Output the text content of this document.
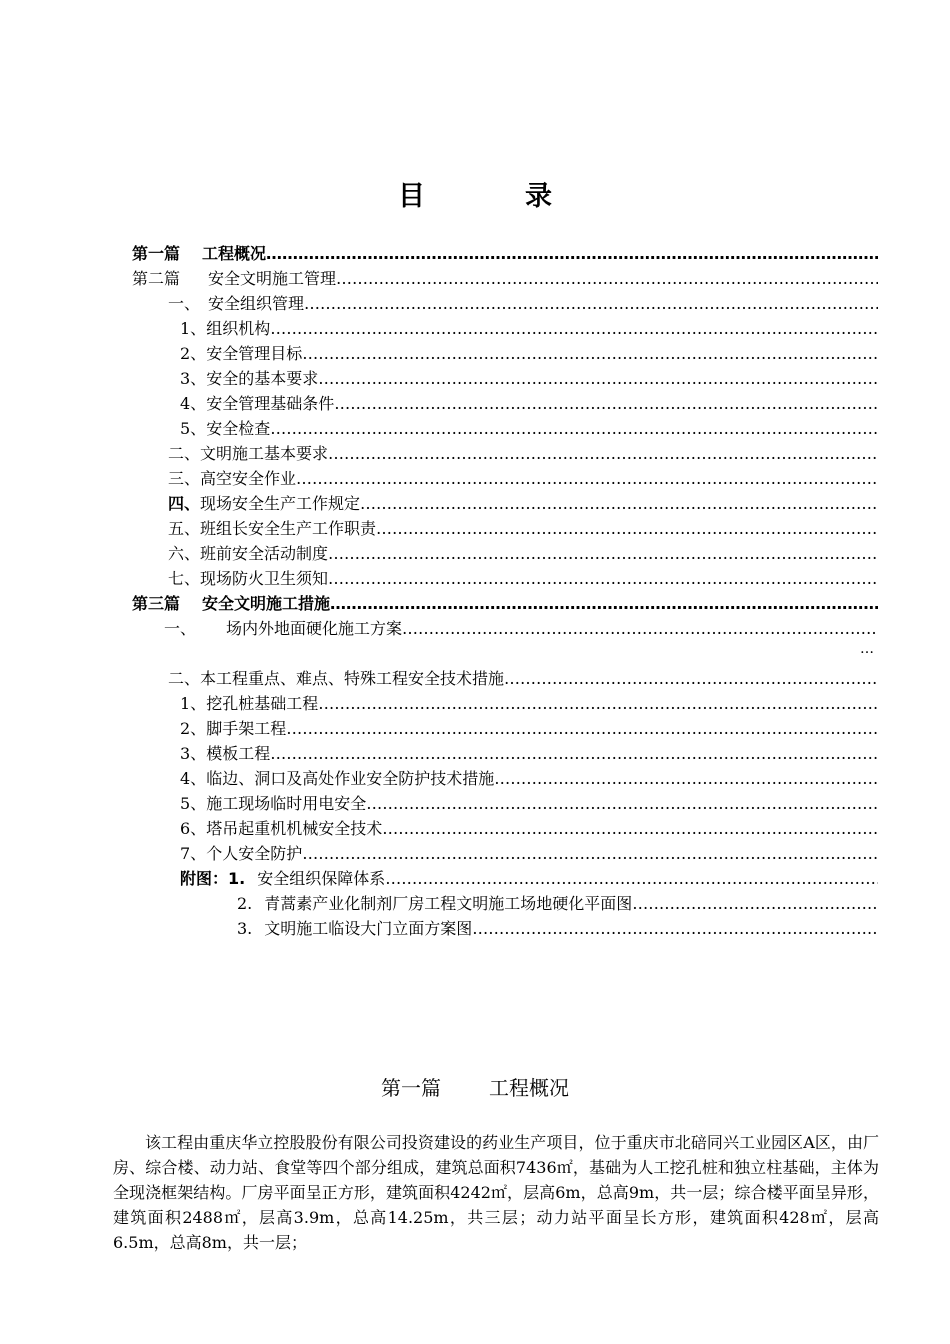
目	录
第一篇 工程概况
…………………………………………………………………………………………………………………………………………………………………………………………………
第二篇 安全文明施工管理
…………………………………………………………………………………………………………………………………………………………………………………………………
一、 安全组织管理
…………………………………………………………………………………………………………………………………………………………………………………………………
1、 组织机构
…………………………………………………………………………………………………………………………………………………………………………………………………
2、 安全管理目标
…………………………………………………………………………………………………………………………………………………………………………………………………
3、 安全的基本要求
…………………………………………………………………………………………………………………………………………………………………………………………………
4、 安全管理基础条件
…………………………………………………………………………………………………………………………………………………………………………………………………
5、 安全检查
…………………………………………………………………………………………………………………………………………………………………………………………………
二、 文明施工基本要求
…………………………………………………………………………………………………………………………………………………………………………………………………
三、 高空安全作业
…………………………………………………………………………………………………………………………………………………………………………………………………
四、 现场安全生产工作规定
…………………………………………………………………………………………………………………………………………………………………………………………………
五、 班组长安全生产工作职责
…………………………………………………………………………………………………………………………………………………………………………………………………
六、 班前安全活动制度
…………………………………………………………………………………………………………………………………………………………………………………………………
七、 现场防火卫生须知
…………………………………………………………………………………………………………………………………………………………………………………………………
第三篇 安全文明施工措施
…………………………………………………………………………………………………………………………………………………………………………………………………
一、 场内外地面硬化施工方案
…………………………………………………………………………………………………………………………………………………………………………………………………
二、 本工程重点、难点、特殊工程安全技术措施
…………………………………………………………………………………………………………………………………………………………………………………………………
1、 挖孔桩基础工程
…………………………………………………………………………………………………………………………………………………………………………………………………
2、 脚手架工程
…………………………………………………………………………………………………………………………………………………………………………………………………
3、 模板工程
…………………………………………………………………………………………………………………………………………………………………………………………………
4、 临边、洞口及高处作业安全防护技术措施
…………………………………………………………………………………………………………………………………………………………………………………………………
5、 施工现场临时用电安全
…………………………………………………………………………………………………………………………………………………………………………………………………
6、 塔吊起重机机械安全技术
…………………………………………………………………………………………………………………………………………………………………………………………………
7、 个人安全防护
…………………………………………………………………………………………………………………………………………………………………………………………………
附图：1. 安全组织保障体系
…………………………………………………………………………………………………………………………………………………………………………………………………
2. 青蒿素产业化制剂厂房工程文明施工场地硬化平面图
…………………………………………………………………………………………………………………………………………………………………………………………………
3. 文明施工临设大门立面方案图
…………………………………………………………………………………………………………………………………………………………………………………………………
…
第一篇 工程概况

该工程由重庆华立控股股份有限公司投资建设的药业生产项目，位于重庆市北碚同兴工业园区A区，由厂房、综合楼、动力站、食堂等四个部分组成，建筑总面积7436㎡，基础为人工挖孔桩和独立柱基础，主体为全现浇框架结构。厂房平面呈正方形，建筑面积4242㎡，层高6m，总高9m，共一层；综合楼平面呈异形，建筑面积2488㎡，层高3.9m，总高14.25m，共三层；动力站平面呈长方形，建筑面积428㎡，层高6.5m，总高8m，共一层；
